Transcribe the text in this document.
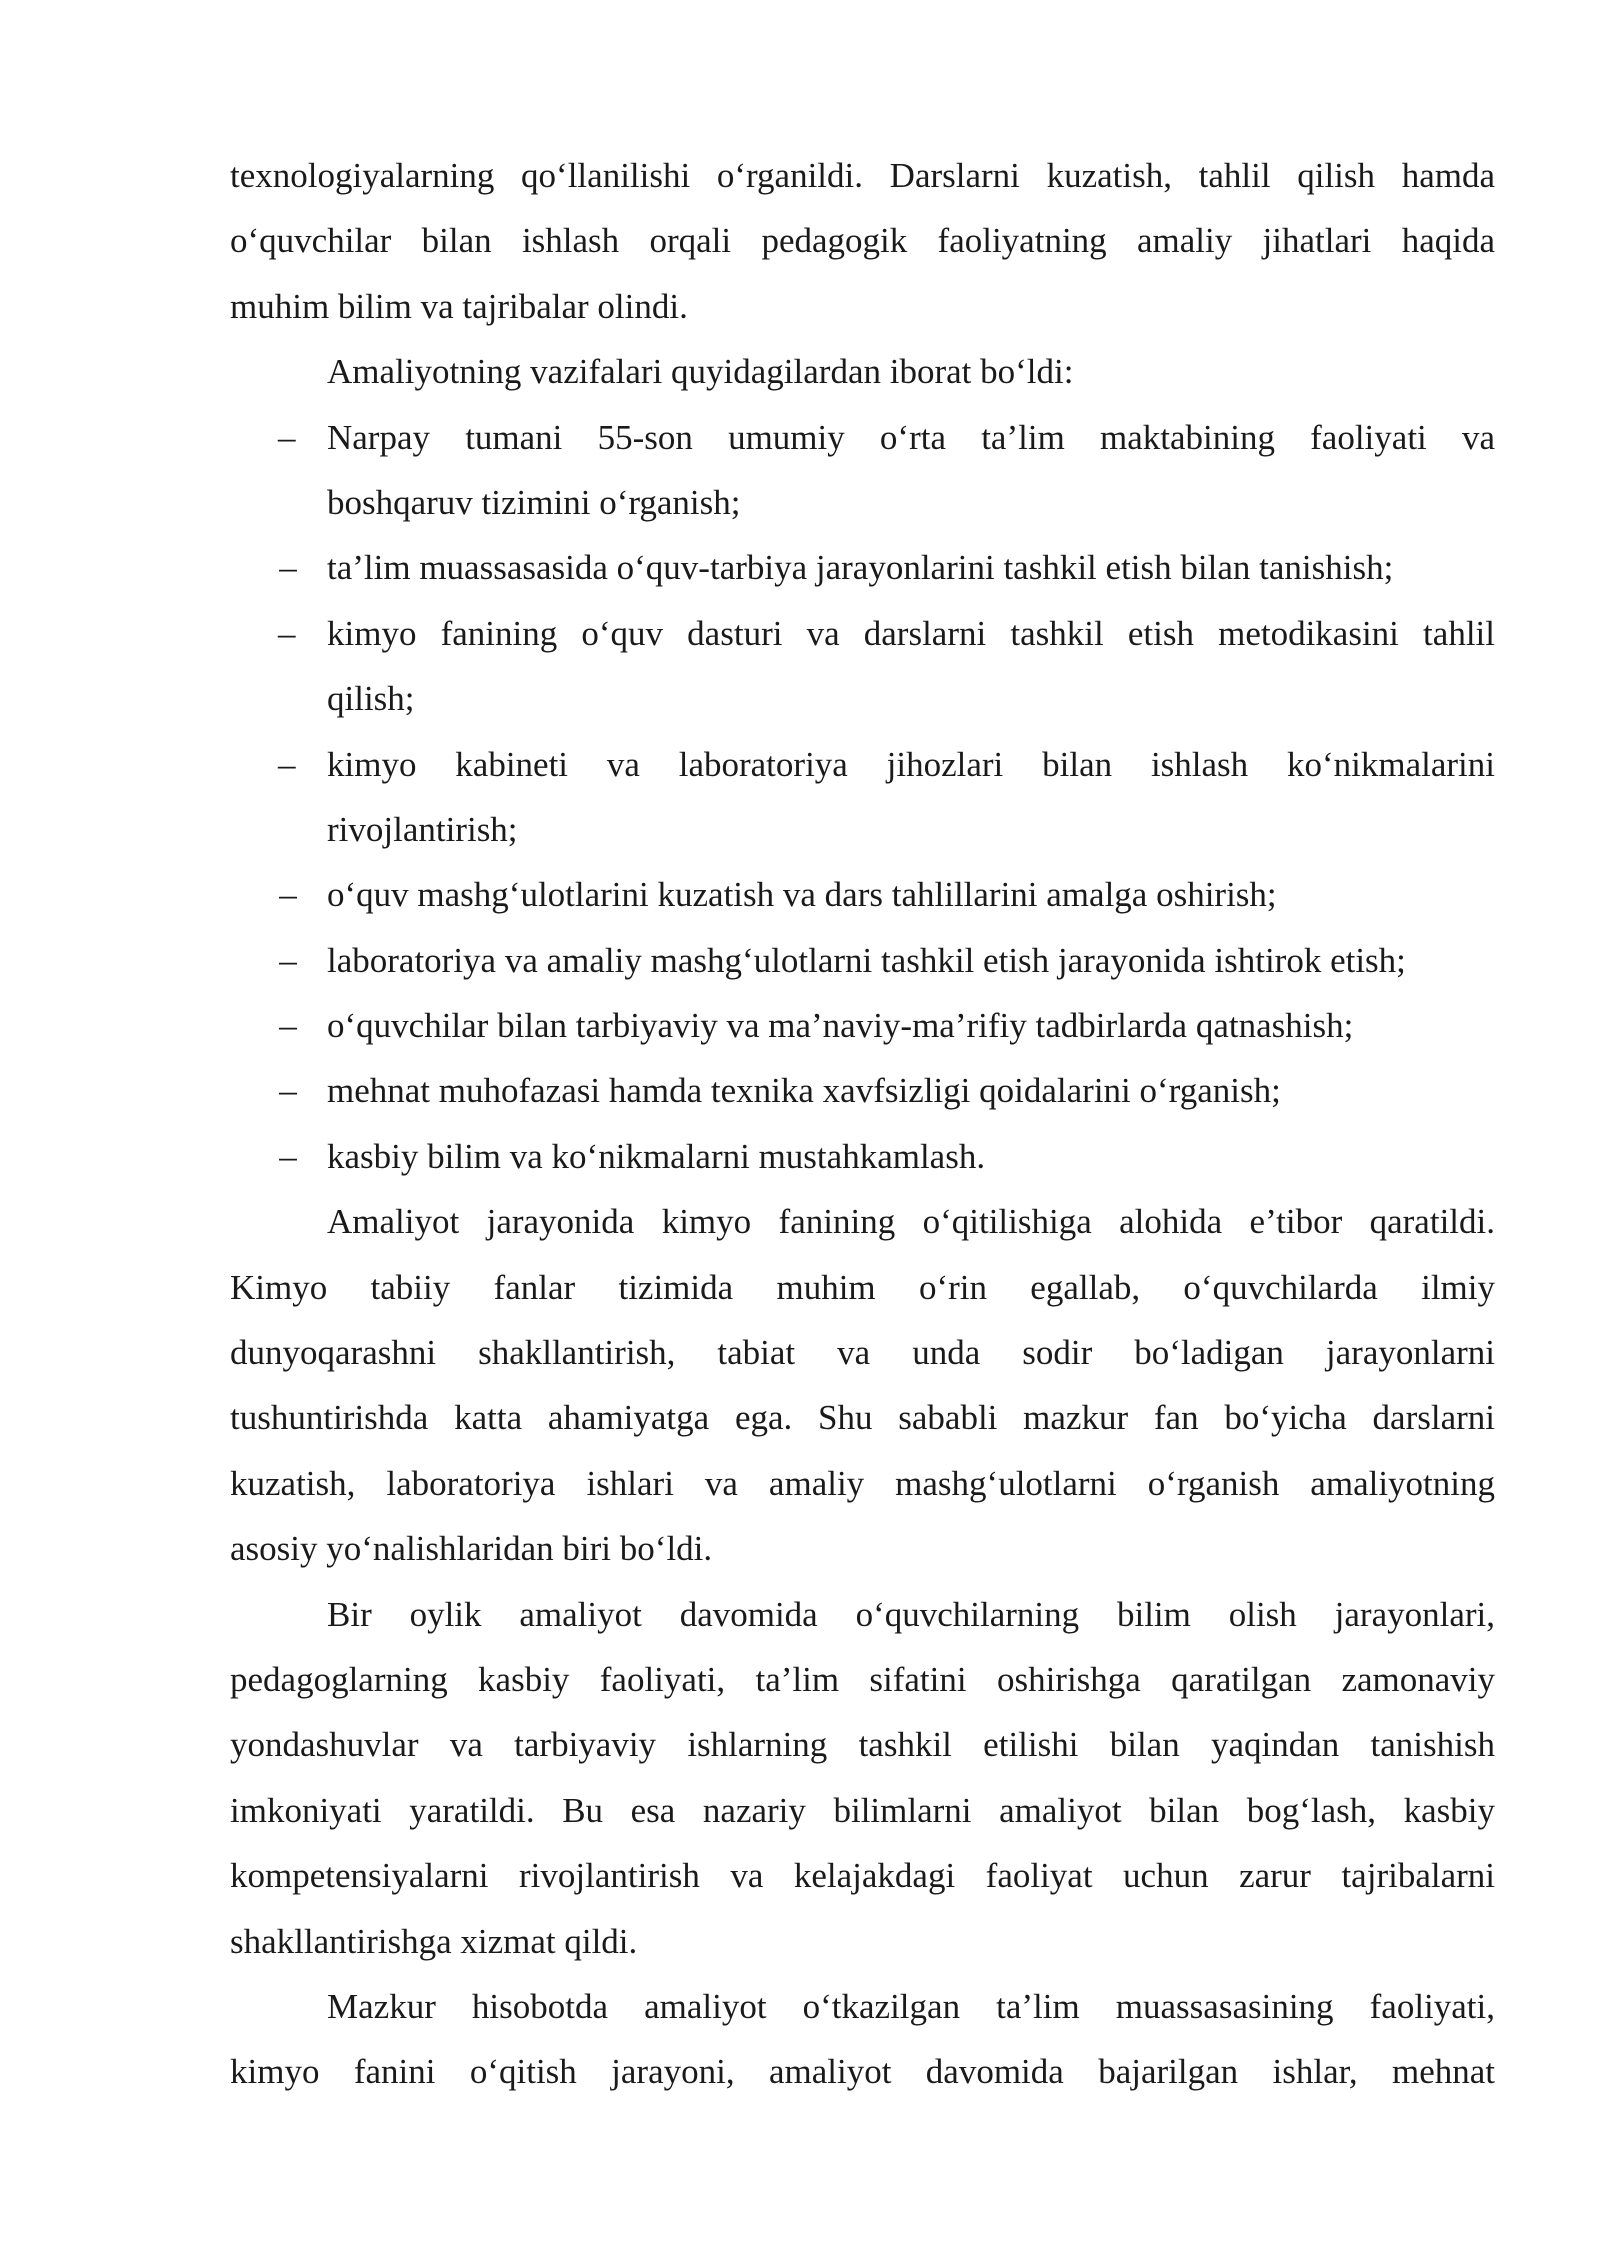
texnologiyalarning qo‘llanilishi o‘rganildi. Darslarni kuzatish, tahlil qilish hamda
o‘quvchilar bilan ishlash orqali pedagogik faoliyatning amaliy jihatlari haqida
muhim bilim va tajribalar olindi.
Amaliyotning vazifalari quyidagilardan iborat bo‘ldi:
– Narpay tumani 55-son umumiy o‘rta ta’lim maktabining faoliyati va
boshqaruv tizimini o‘rganish;
– ta’lim muassasasida o‘quv-tarbiya jarayonlarini tashkil etish bilan tanishish;
– kimyo fanining o‘quv dasturi va darslarni tashkil etish metodikasini tahlil
qilish;
– kimyo kabineti va laboratoriya jihozlari bilan ishlash ko‘nikmalarini
rivojlantirish;
– o‘quv mashg‘ulotlarini kuzatish va dars tahlillarini amalga oshirish;
– laboratoriya va amaliy mashg‘ulotlarni tashkil etish jarayonida ishtirok etish;
– o‘quvchilar bilan tarbiyaviy va ma’naviy-ma’rifiy tadbirlarda qatnashish;
– mehnat muhofazasi hamda texnika xavfsizligi qoidalarini o‘rganish;
– kasbiy bilim va ko‘nikmalarni mustahkamlash.
Amaliyot jarayonida kimyo fanining o‘qitilishiga alohida e’tibor qaratildi.
Kimyo tabiiy fanlar tizimida muhim o‘rin egallab, o‘quvchilarda ilmiy
dunyoqarashni shakllantirish, tabiat va unda sodir bo‘ladigan jarayonlarni
tushuntirishda katta ahamiyatga ega. Shu sababli mazkur fan bo‘yicha darslarni
kuzatish, laboratoriya ishlari va amaliy mashg‘ulotlarni o‘rganish amaliyotning
asosiy yo‘nalishlaridan biri bo‘ldi.
Bir oylik amaliyot davomida o‘quvchilarning bilim olish jarayonlari,
pedagoglarning kasbiy faoliyati, ta’lim sifatini oshirishga qaratilgan zamonaviy
yondashuvlar va tarbiyaviy ishlarning tashkil etilishi bilan yaqindan tanishish
imkoniyati yaratildi. Bu esa nazariy bilimlarni amaliyot bilan bog‘lash, kasbiy
kompetensiyalarni rivojlantirish va kelajakdagi faoliyat uchun zarur tajribalarni
shakllantirishga xizmat qildi.
Mazkur hisobotda amaliyot o‘tkazilgan ta’lim muassasasining faoliyati,
kimyo fanini o‘qitish jarayoni, amaliyot davomida bajarilgan ishlar, mehnat
